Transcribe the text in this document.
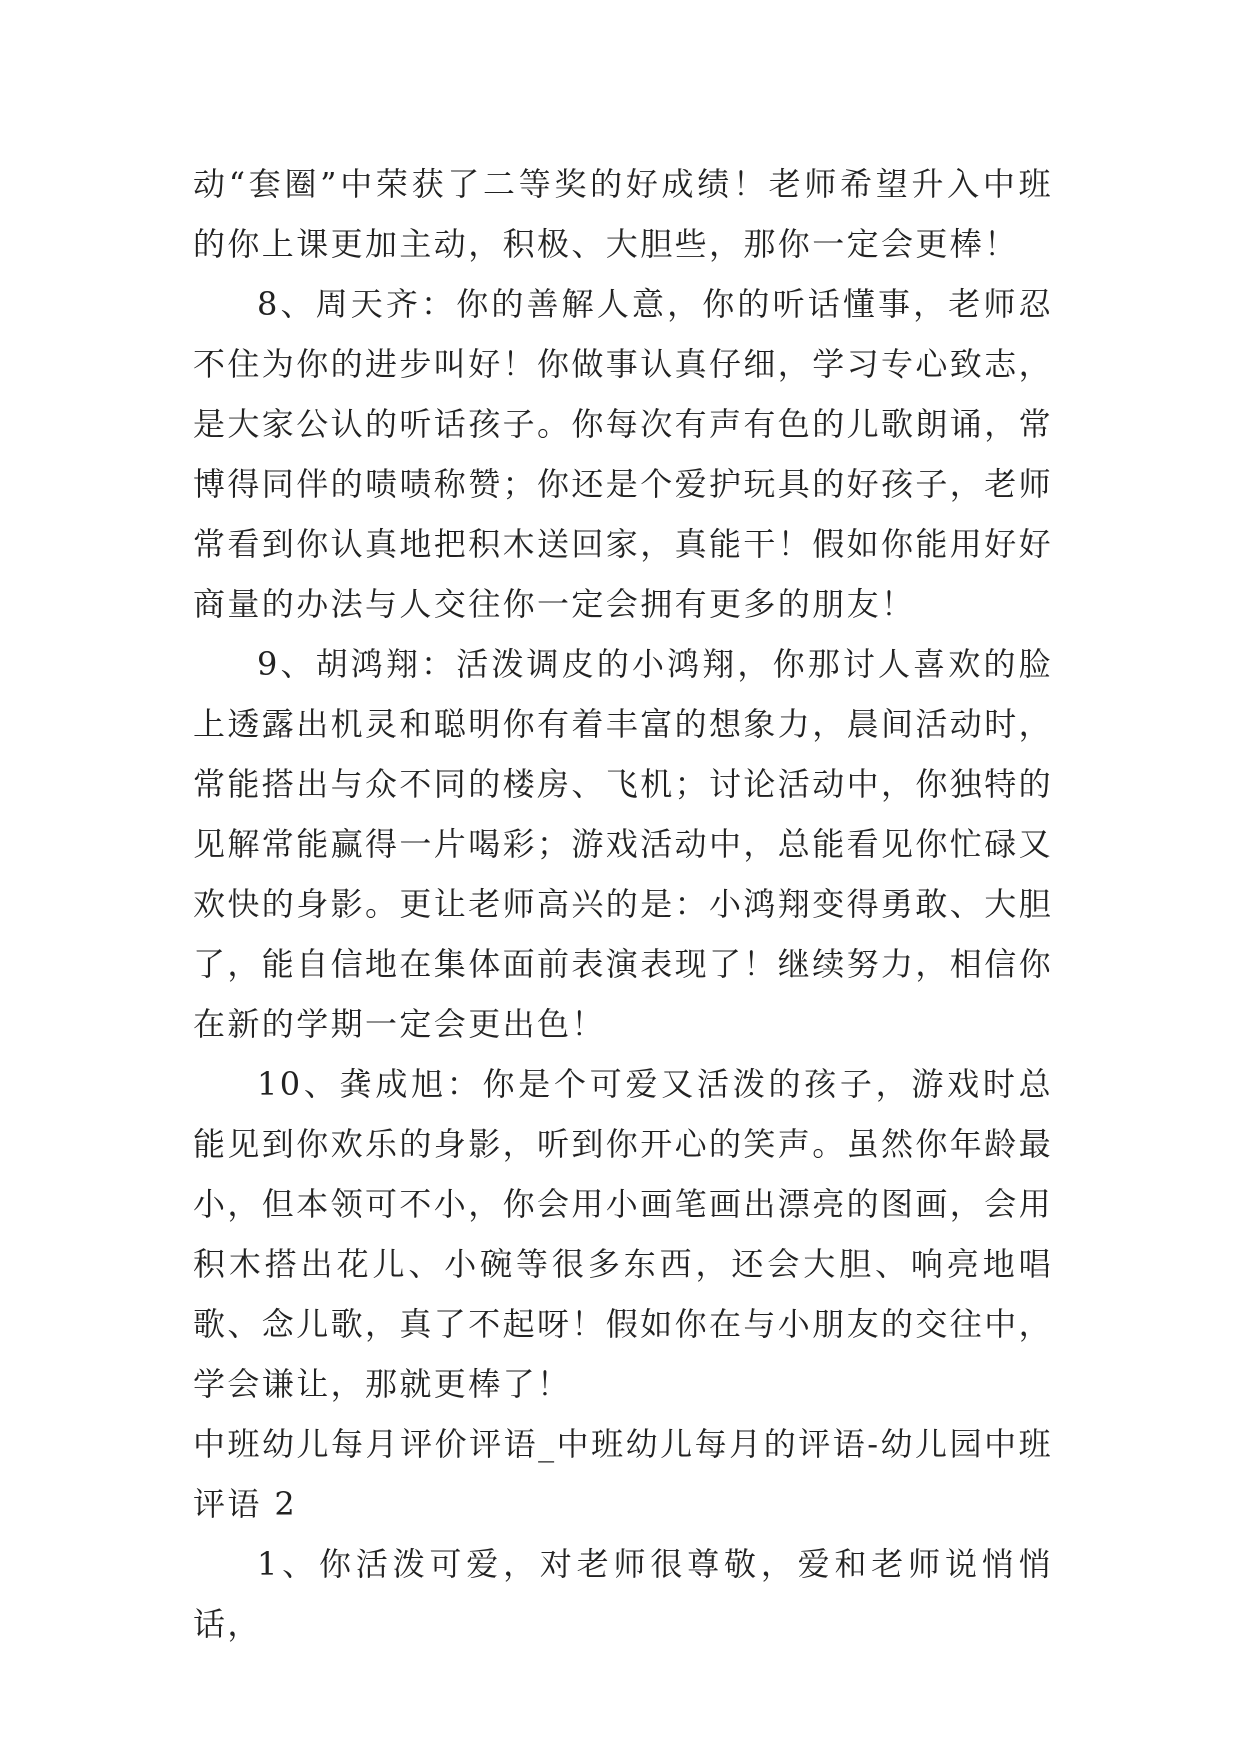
动“套圈”中荣获了二等奖的好成绩！老师希望升入中班的你上课更加主动，积极、大胆些，那你一定会更棒！

8、周天齐：你的善解人意，你的听话懂事，老师忍不住为你的进步叫好！你做事认真仔细，学习专心致志，是大家公认的听话孩子。你每次有声有色的儿歌朗诵，常博得同伴的啧啧称赞；你还是个爱护玩具的好孩子，老师常看到你认真地把积木送回家，真能干！假如你能用好好商量的办法与人交往你一定会拥有更多的朋友！

9、胡鸿翔：活泼调皮的小鸿翔，你那讨人喜欢的脸上透露出机灵和聪明你有着丰富的想象力，晨间活动时，常能搭出与众不同的楼房、飞机；讨论活动中，你独特的见解常能赢得一片喝彩；游戏活动中，总能看见你忙碌又欢快的身影。更让老师高兴的是：小鸿翔变得勇敢、大胆了，能自信地在集体面前表演表现了！继续努力，相信你在新的学期一定会更出色！

10、龚成旭：你是个可爱又活泼的孩子，游戏时总能见到你欢乐的身影，听到你开心的笑声。虽然你年龄最小，但本领可不小，你会用小画笔画出漂亮的图画，会用积木搭出花儿、小碗等很多东西，还会大胆、响亮地唱歌、念儿歌，真了不起呀！假如你在与小朋友的交往中，学会谦让，那就更棒了！

中班幼儿每月评价评语_中班幼儿每月的评语-幼儿园中班评语 2

1、你活泼可爱，对老师很尊敬，爱和老师说悄悄话，
